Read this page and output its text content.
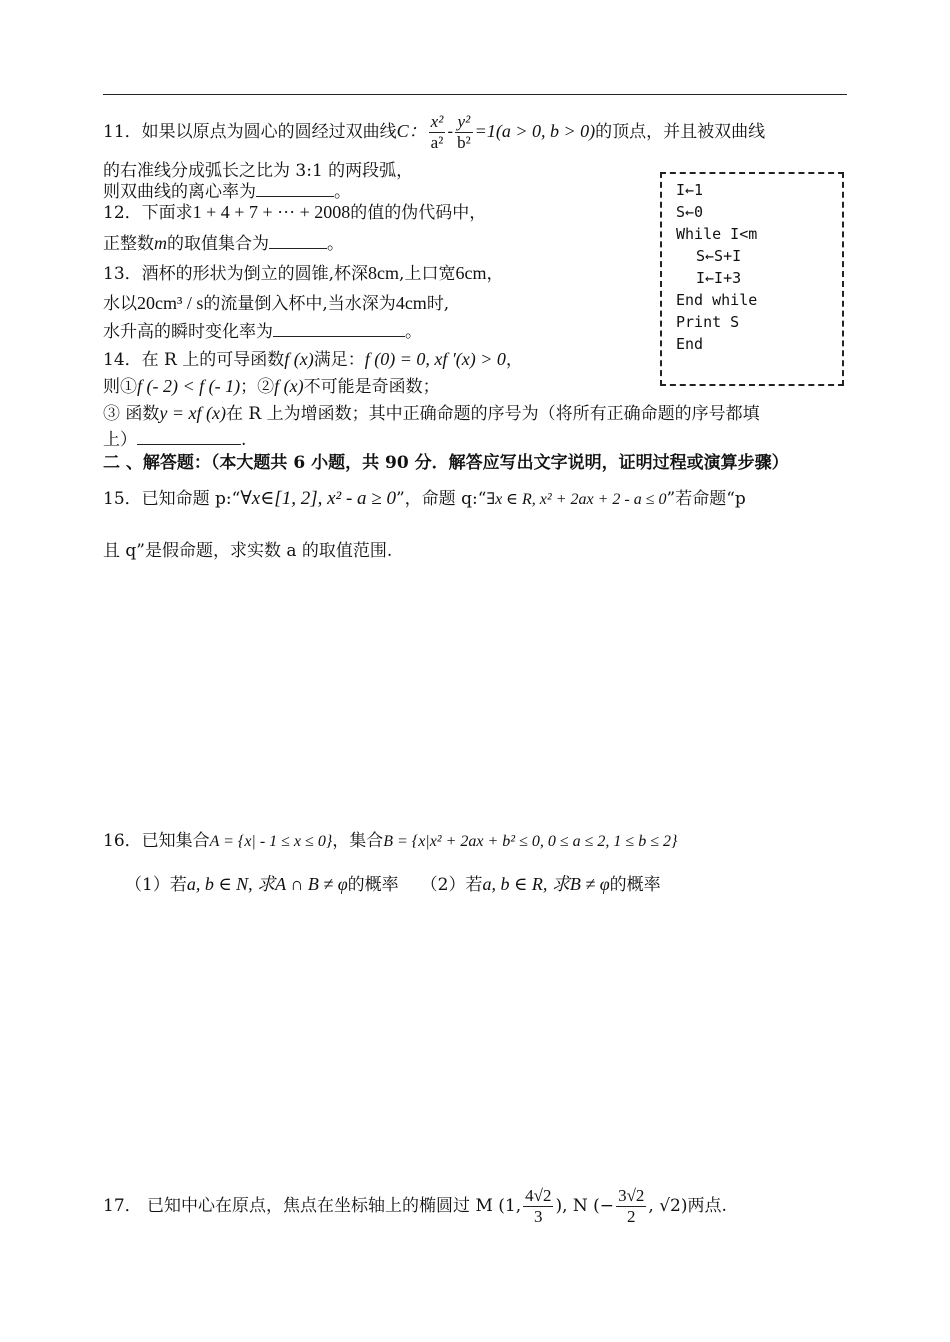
11．如果以原点为圆心的圆经过双曲线C： $\frac{\text{x²}}{\text{a²}} - \frac{\text{y²}}{\text{b²}} =1(a > 0$, b > 0)的顶点，并且被双曲线
的右准线分成弧长之比为 3:1 的两段弧，
则双曲线的离心率为	。
12．下面求1 + 4 + 7 + ··· + 2008的值的伪代码中，
正整数m的取值集合为	。
I←1
S←0
While I<m
S←S+I
I←I+3
End while
Print S
End
13．酒杯的形状为倒立的圆锥,杯深8cm,上口宽6cm，
水以20cm³ / s的流量倒入杯中,当水深为4cm时,
水升高的瞬时变化率为	。
14．在 R 上的可导函数f (x)满足：f (0) = 0, xf ′(x) > 0，
则①f (- 2) < f (- 1)；②f (x)不可能是奇函数；
③ 函数y = xf (x)在 R 上为增函数；其中正确命题的序号为（将所有正确命题的序号都填
上）	.
二 、解答题：（本大题共 6 小题，共 90 分．解答应写出文字说明，证明过程或演算步骤）
15．已知命题 p:“∀x∈[1, 2], x² - a ≥ 0”，命题 q:“∃x ∈ R, x² + 2ax + 2 - a ≤ 0”若命题“p
且 q”是假命题，求实数 a 的取值范围.
16．已知集合A = {x| - 1 ≤ x ≤ 0}，集合B = {x|x² + 2ax + b² ≤ 0, 0 ≤ a ≤ 2, 1 ≤ b ≤ 2}
（1）若a, b ∈ N, 求A ∩ B ≠ φ的概率 （2）若a, b ∈ R, 求B ≠ φ的概率
17． 已知中心在原点，焦点在坐标轴上的椭圆过 M (1, $\frac{4√2}{3}$ ), N (− $\frac{3√2}{2}$ , √2)两点.
